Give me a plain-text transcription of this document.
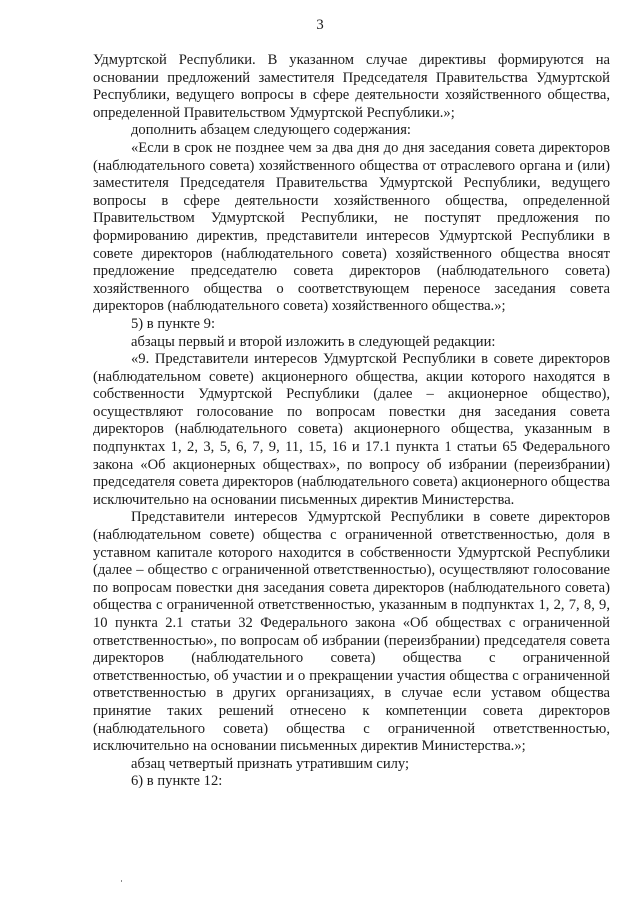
3

Удмуртской Республики. В указанном случае директивы формируются на основании предложений заместителя Председателя Правительства Удмуртской Республики, ведущего вопросы в сфере деятельности хозяйственного общества, определенной Правительством Удмуртской Республики.»;

дополнить абзацем следующего содержания:

«Если в срок не позднее чем за два дня до дня заседания совета директоров (наблюдательного совета) хозяйственного общества от отраслевого органа и (или) заместителя Председателя Правительства Удмуртской Республики, ведущего вопросы в сфере деятельности хозяйственного общества, определенной Правительством Удмуртской Республики, не поступят предложения по формированию директив, представители интересов Удмуртской Республики в совете директоров (наблюдательного совета) хозяйственного общества вносят предложение председателю совета директоров (наблюдательного совета) хозяйственного общества о соответствующем переносе заседания совета директоров (наблюдательного совета) хозяйственного общества.»;

5) в пункте 9:

абзацы первый и второй изложить в следующей редакции:

«9. Представители интересов Удмуртской Республики в совете директоров (наблюдательном совете) акционерного общества, акции которого находятся в собственности Удмуртской Республики (далее – акционерное общество), осуществляют голосование по вопросам повестки дня заседания совета директоров (наблюдательного совета) акционерного общества, указанным в подпунктах 1, 2, 3, 5, 6, 7, 9, 11, 15, 16 и 17.1 пункта 1 статьи 65 Федерального закона «Об акционерных обществах», по вопросу об избрании (переизбрании) председателя совета директоров (наблюдательного совета) акционерного общества исключительно на основании письменных директив Министерства.

Представители интересов Удмуртской Республики в совете директоров (наблюдательном совете) общества с ограниченной ответственностью, доля в уставном капитале которого находится в собственности Удмуртской Республики (далее – общество с ограниченной ответственностью), осуществляют голосование по вопросам повестки дня заседания совета директоров (наблюдательного совета) общества с ограниченной ответственностью, указанным в подпунктах 1, 2, 7, 8, 9, 10 пункта 2.1 статьи 32 Федерального закона «Об обществах с ограниченной ответственностью», по вопросам об избрании (переизбрании) председателя совета директоров (наблюдательного совета) общества с ограниченной ответственностью, об участии и о прекращении участия общества с ограниченной ответственностью в других организациях, в случае если уставом общества принятие таких решений отнесено к компетенции совета директоров (наблюдательного совета) общества с ограниченной ответственностью, исключительно на основании письменных директив Министерства.»;

абзац четвертый признать утратившим силу;

6) в пункте 12:
